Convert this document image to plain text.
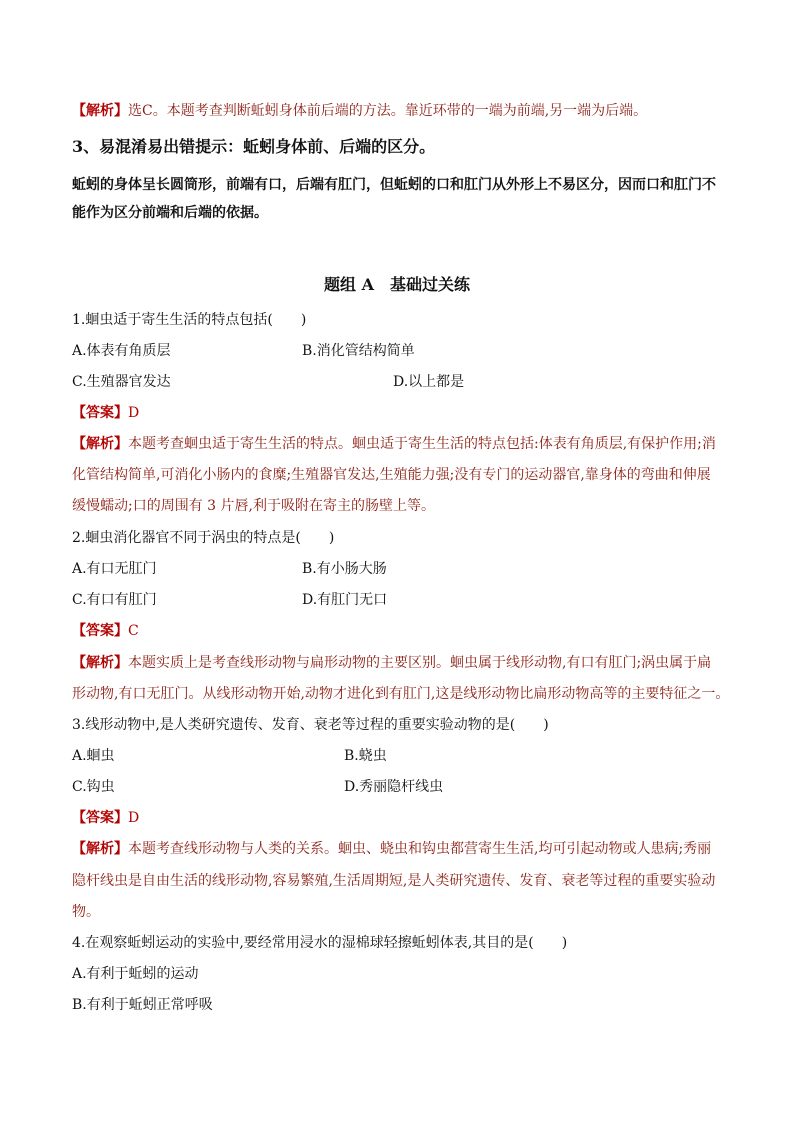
【解析】选C。本题考查判断蚯蚓身体前后端的方法。靠近环带的一端为前端,另一端为后端。
3、易混淆易出错提示：蚯蚓身体前、后端的区分。
蚯蚓的身体呈长圆筒形，前端有口，后端有肛门，但蚯蚓的口和肛门从外形上不易区分，因而口和肛门不
能作为区分前端和后端的依据。
题组 A　基础过关练
1.蛔虫适于寄生生活的特点包括(　　)
A.体表有角质层	B.消化管结构简单
C.生殖器官发达	D.以上都是
【答案】D
【解析】本题考查蛔虫适于寄生生活的特点。蛔虫适于寄生生活的特点包括:体表有角质层,有保护作用;消
化管结构简单,可消化小肠内的食糜;生殖器官发达,生殖能力强;没有专门的运动器官,靠身体的弯曲和伸展
缓慢蠕动;口的周围有 3 片唇,利于吸附在寄主的肠壁上等。
2.蛔虫消化器官不同于涡虫的特点是(　　)
A.有口无肛门	B.有小肠大肠
C.有口有肛门	D.有肛门无口
【答案】C
【解析】本题实质上是考查线形动物与扁形动物的主要区别。蛔虫属于线形动物,有口有肛门;涡虫属于扁
形动物,有口无肛门。从线形动物开始,动物才进化到有肛门,这是线形动物比扁形动物高等的主要特征之一。
3.线形动物中,是人类研究遗传、发育、衰老等过程的重要实验动物的是(　　)
A.蛔虫	B.蛲虫
C.钩虫	D.秀丽隐杆线虫
【答案】D
【解析】本题考查线形动物与人类的关系。蛔虫、蛲虫和钩虫都营寄生生活,均可引起动物或人患病;秀丽
隐杆线虫是自由生活的线形动物,容易繁殖,生活周期短,是人类研究遗传、发育、衰老等过程的重要实验动
物。
4.在观察蚯蚓运动的实验中,要经常用浸水的湿棉球轻擦蚯蚓体表,其目的是(　　)
A.有利于蚯蚓的运动
B.有利于蚯蚓正常呼吸
